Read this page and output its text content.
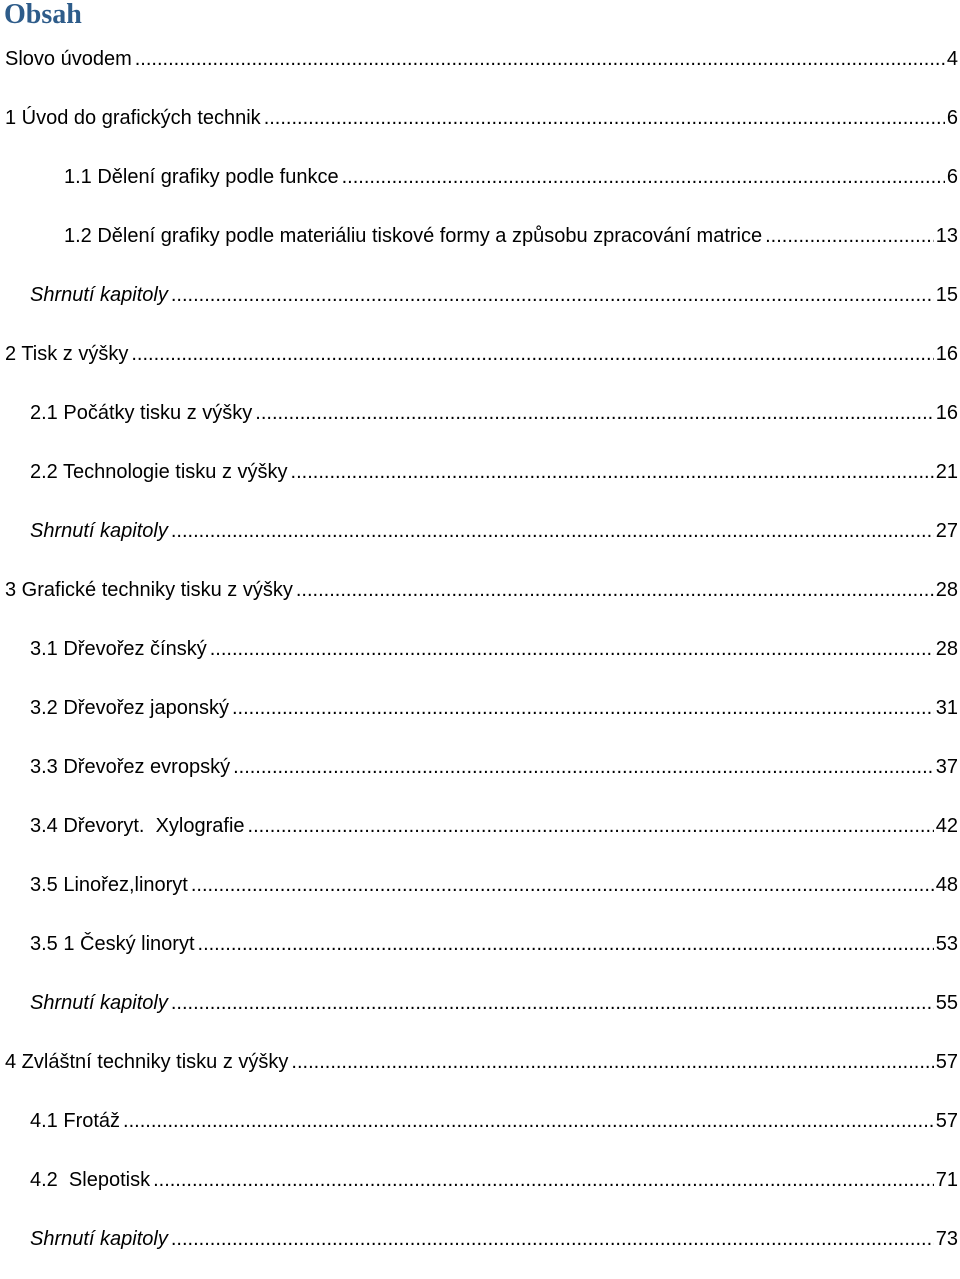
Obsah
Slovo úvodem .....	4
1 Úvod do grafických technik .....	6
1.1 Dělení grafiky podle funkce .....	6
1.2 Dělení grafiky podle materiáliu tiskové formy a způsobu zpracování matrice .....	13
Shrnutí kapitoly .....	15
2 Tisk z výšky .....	16
2.1 Počátky tisku z výšky .....	16
2.2 Technologie tisku z výšky .....	21
Shrnutí kapitoly .....	27
3 Grafické techniky tisku z výšky .....	28
3.1 Dřevořez čínský .....	28
3.2 Dřevořez japonský .....	31
3.3 Dřevořez evropský .....	37
3.4 Dřevoryt.  Xylografie .....	42
3.5 Linořez,linoryt .....	48
3.5 1 Český linoryt .....	53
Shrnutí kapitoly .....	55
4 Zvláštní techniky tisku z výšky .....	57
4.1 Frotáž .....	57
4.2  Slepotisk .....	71
Shrnutí kapitoly .....	73
